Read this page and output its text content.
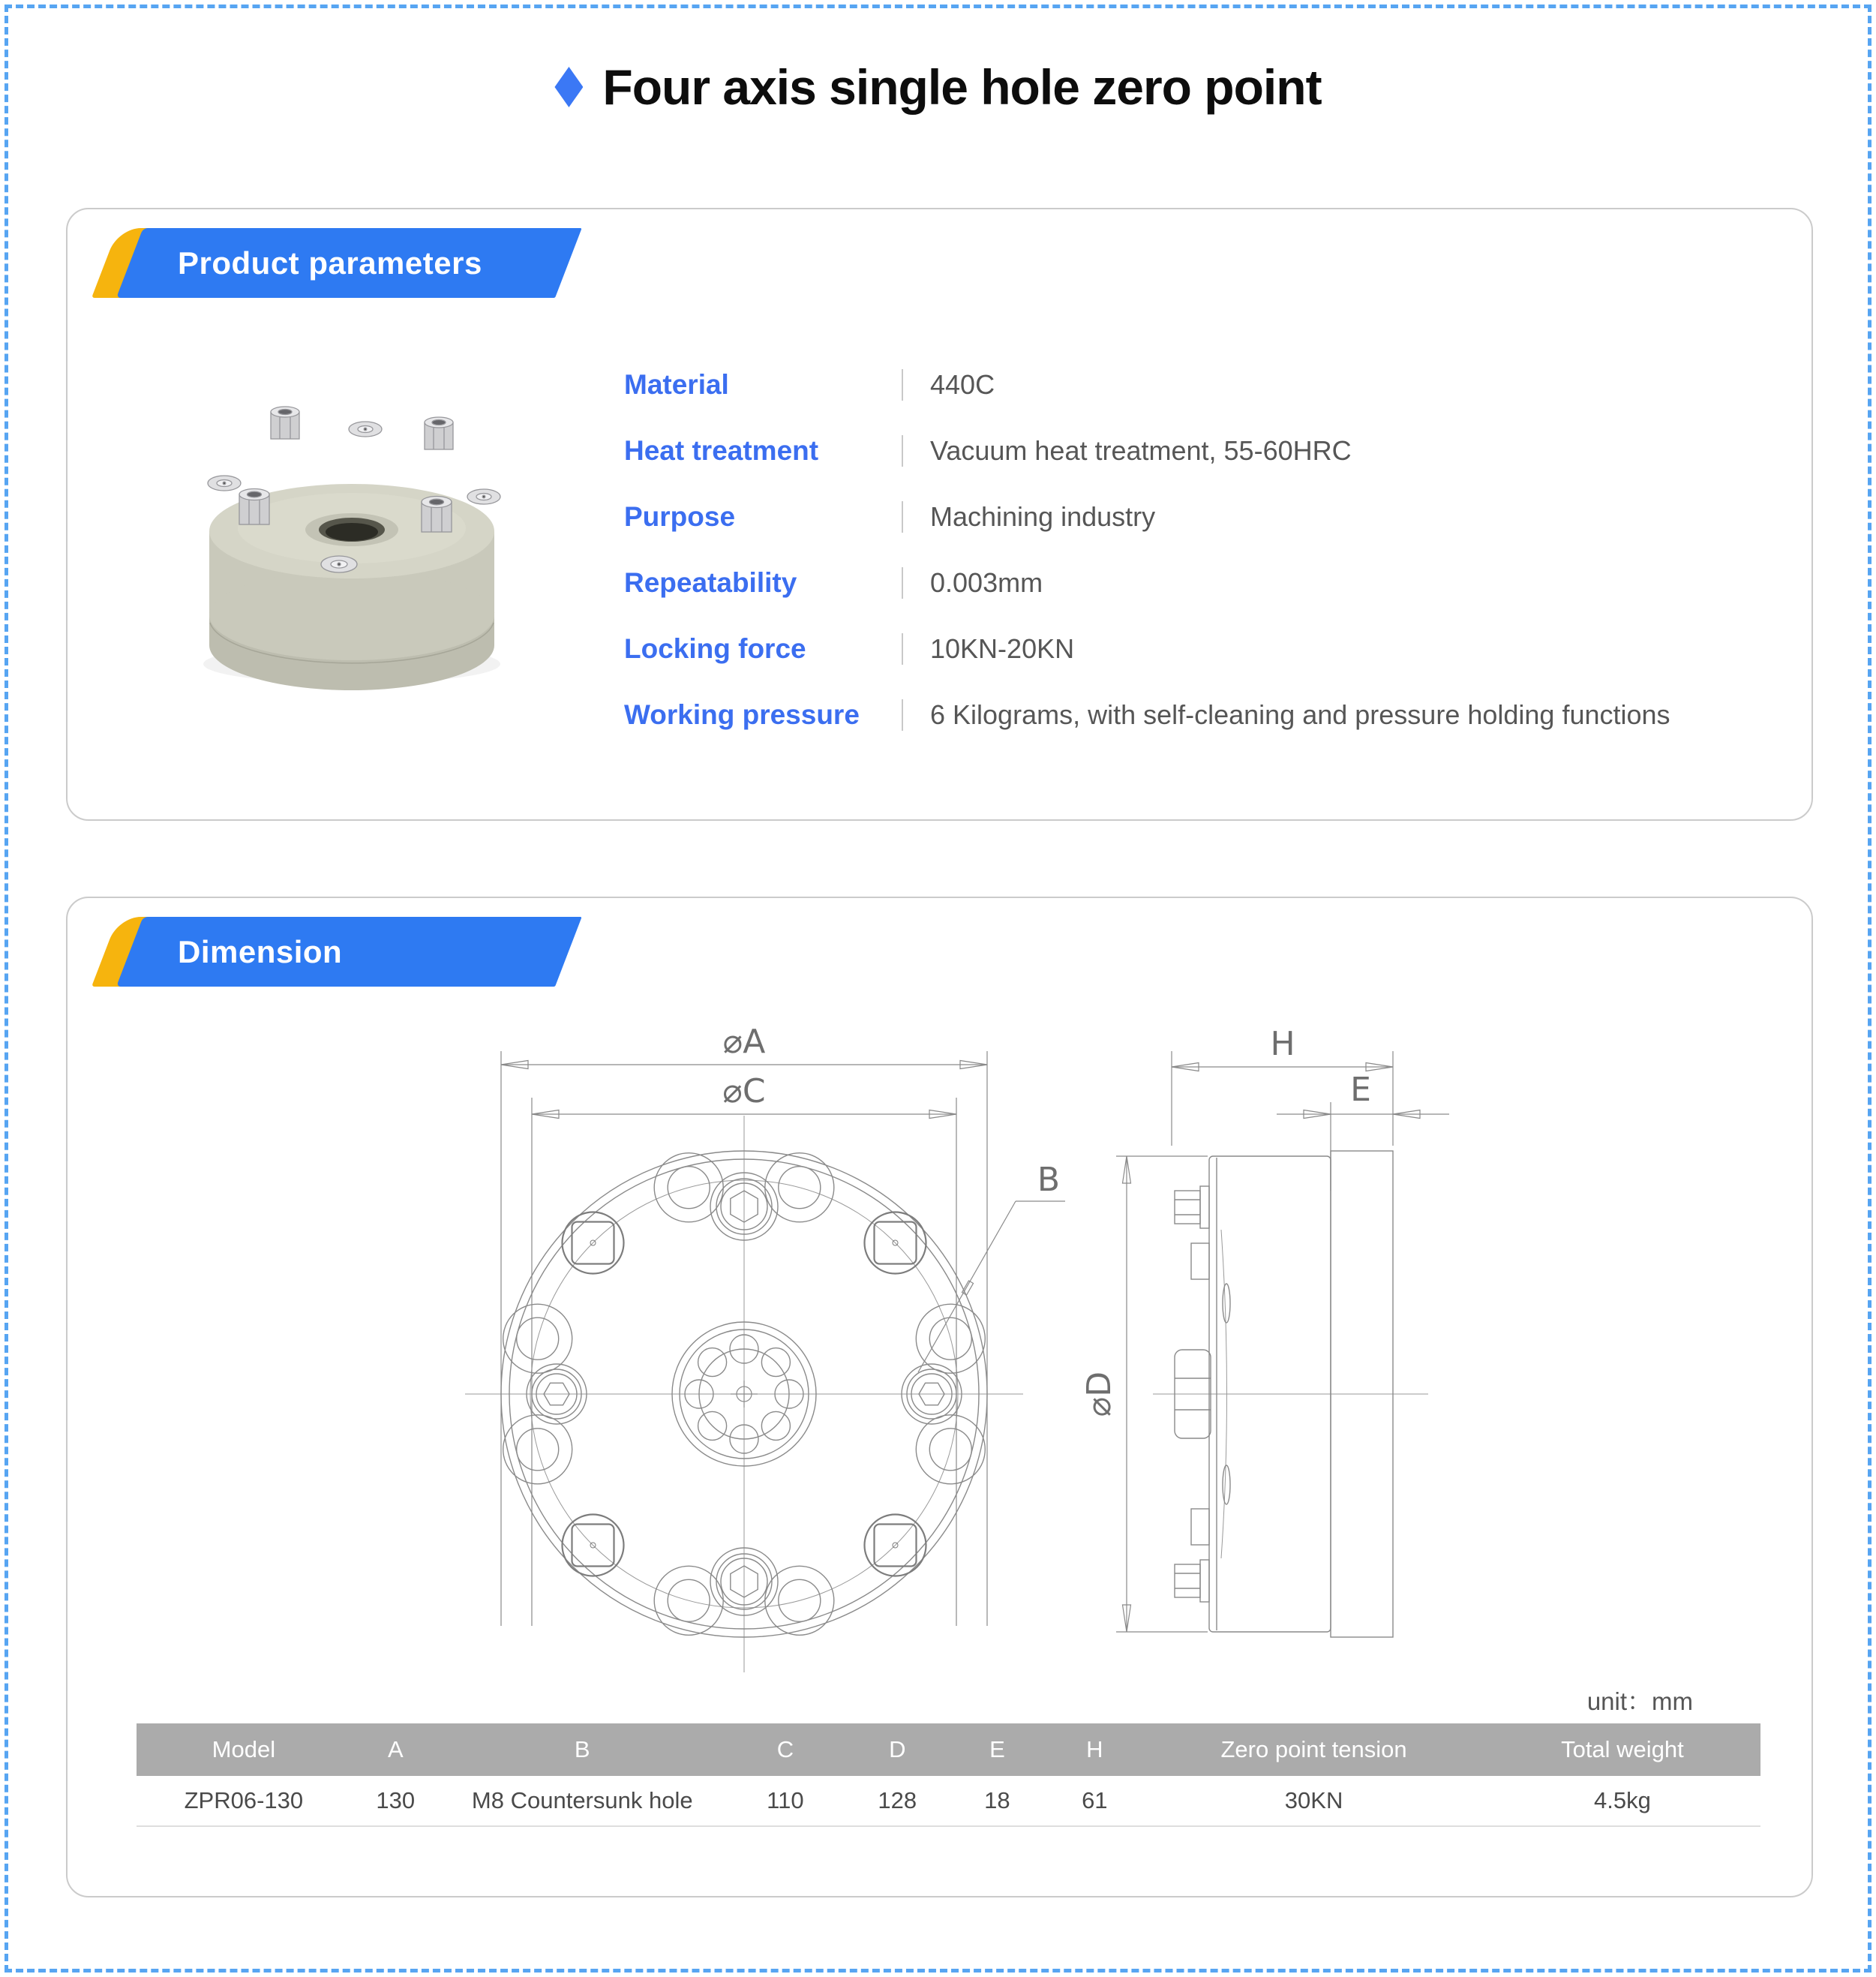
Four axis single hole zero point
Product parameters
Material	440C
Heat treatment	Vacuum heat treatment, 55-60HRC
Purpose	Machining industry
Repeatability	0.003mm
Locking force	10KN-20KN
Working pressure	6 Kilograms, with self-cleaning and pressure holding functions
Dimension
⌀A
⌀C
B
H
E
⌀D
unit：mm
Model	A	B	C	D	E	H	Zero point tension	Total weight
ZPR06-130	130	M8 Countersunk hole	110	128	18	61	30KN	4.5kg
